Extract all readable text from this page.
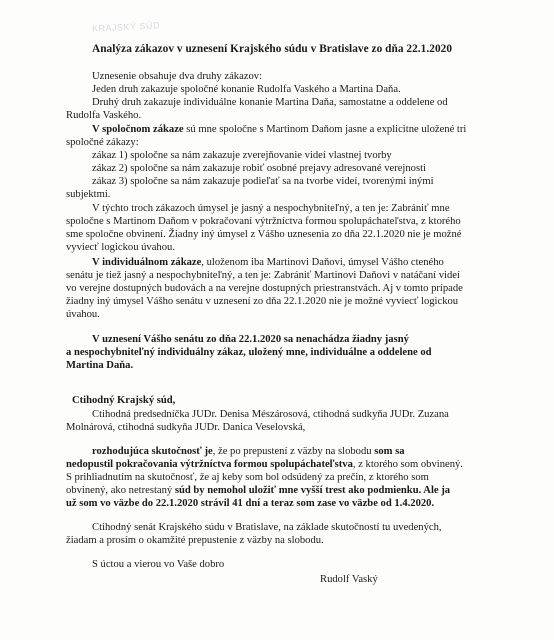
KRAJSKÝ SÚD
Analýza zákazov v uznesení Krajského súdu v Bratislave zo dňa 22.1.2020
Uznesenie obsahuje dva druhy zákazov:
Jeden druh zakazuje spoločné konanie Rudolfa Vaského a Martina Daňa.
Druhý druh zakazuje individuálne konanie Martina Daňa, samostatne a oddelene od
Rudolfa Vaského.
V spoločnom zákaze sú mne spoločne s Martinom Daňom jasne a explicitne uložené tri
spoločné zákazy:
zákaz 1) spoločne sa nám zakazuje zverejňovanie videí vlastnej tvorby
zákaz 2) spoločne sa nám zakazuje robiť osobné prejavy adresované verejnosti
zákaz 3) spoločne sa nám zakazuje podieľať sa na tvorbe videí, tvorenými inými
subjektmi.
V týchto troch zákazoch úmysel je jasný a nespochybniteľný, a ten je: Zabrániť mne
spoločne s Martinom Daňom v pokračovaní výtržníctva formou spolupáchateľstva, z ktorého
sme spoločne obvinení. Žiadny iný úmysel z Vášho uznesenia zo dňa 22.1.2020 nie je možné
vyvieсť logickou úvahou.
V individuálnom zákaze, uloženom iba Martinovi Daňovi, úmysel Vášho cteného
senátu je tiež jasný a nespochybniteľný, a ten je: Zabrániť Martinovi Daňovi v natáčaní videí
vo verejne dostupných budovách a na verejne dostupných priestranstvách. Aj v tomto prípade
žiadny iný úmysel Vášho senátu v uznesení zo dňa 22.1.2020 nie je možné vyvieсť logickou
úvahou.
V uznesení Vášho senátu zo dňa 22.1.2020 sa nenachádza žiadny jasný
a nespochybniteľný individuálny zákaz, uložený mne, individuálne a oddelene od
Martina Daňa.
Ctihodný Krajský súd,
Ctihodná predsedníčka JUDr. Denisa Mészárosová, ctihodná sudkyňa JUDr. Zuzana
Molnárová, ctihodná sudkyňa JUDr. Danica Veselovská,
rozhodujúca skutočnosť je, že po prepustení z väzby na slobodu som sa
nedopustil pokračovania výtržníctva formou spolupáchateľstva, z ktorého som obvinený.
S prihliadnutím na skutočnosť, že aj keby som bol odsúdený za prečin, z ktorého som
obvinený, ako netrestaný súd by nemohol uložiť mne vyšší trest ako podmienku. Ale ja
už som vo väzbe do 22.1.2020 strávil 41 dní a teraz som zase vo väzbe od 1.4.2020.
Ctihodný senát Krajského súdu v Bratislave, na základe skutočností tu uvedených,
žiadam a prosím o okamžité prepustenie z väzby na slobodu.
S úctou a vierou vo Vaše dobro
Rudolf Vaský
